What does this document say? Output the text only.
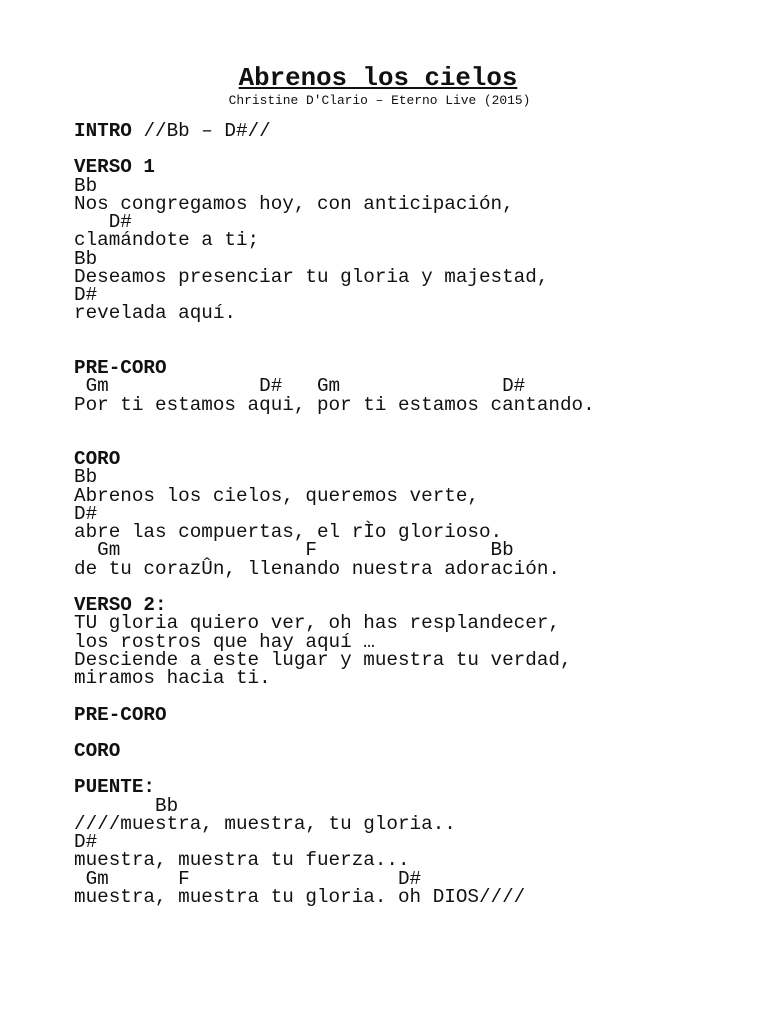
Abrenos los cielos
Christine D'Clario – Eterno Live (2015)
INTRO //Bb – D#//
VERSO 1
Bb
Nos congregamos hoy, con anticipación,
D#
clamándote a ti;
Bb
Deseamos presenciar tu gloria y majestad,
D#
revelada aquí.
PRE-CORO
Gm             D#   Gm              D#
Por ti estamos aqui, por ti estamos cantando.
CORO
Bb
Abrenos los cielos, queremos verte,
D#
abre las compuertas, el rÌo glorioso.
Gm                F               Bb
de tu corazÛn, llenando nuestra adoración.
VERSO 2:
TU gloria quiero ver, oh has resplandecer,
los rostros que hay aquí …
Desciende a este lugar y muestra tu verdad,
miramos hacia ti.
PRE-CORO
CORO
PUENTE:
Bb
////muestra, muestra, tu gloria..
D#
muestra, muestra tu fuerza...
Gm      F                  D#
muestra, muestra tu gloria. oh DIOS////
